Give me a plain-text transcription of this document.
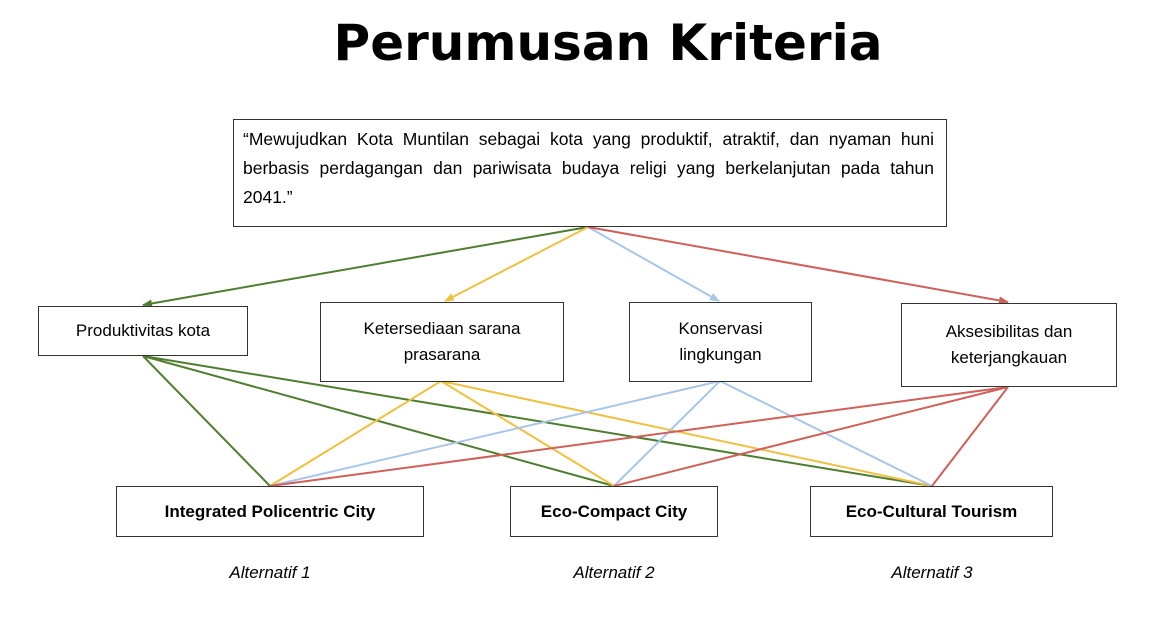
Perumusan Kriteria
“Mewujudkan Kota Muntilan sebagai kota yang produktif, atraktif, dan nyaman huni berbasis perdagangan dan pariwisata budaya religi yang berkelanjutan pada tahun 2041.”
Produktivitas kota	Ketersediaan sarana prasarana
Konservasi lingkungan
Aksesibilitas dan keterjangkauan
Integrated Policentric City	Eco-Compact City	Eco-Cultural Tourism
Alternatif 1	Alternatif 2	Alternatif 3
